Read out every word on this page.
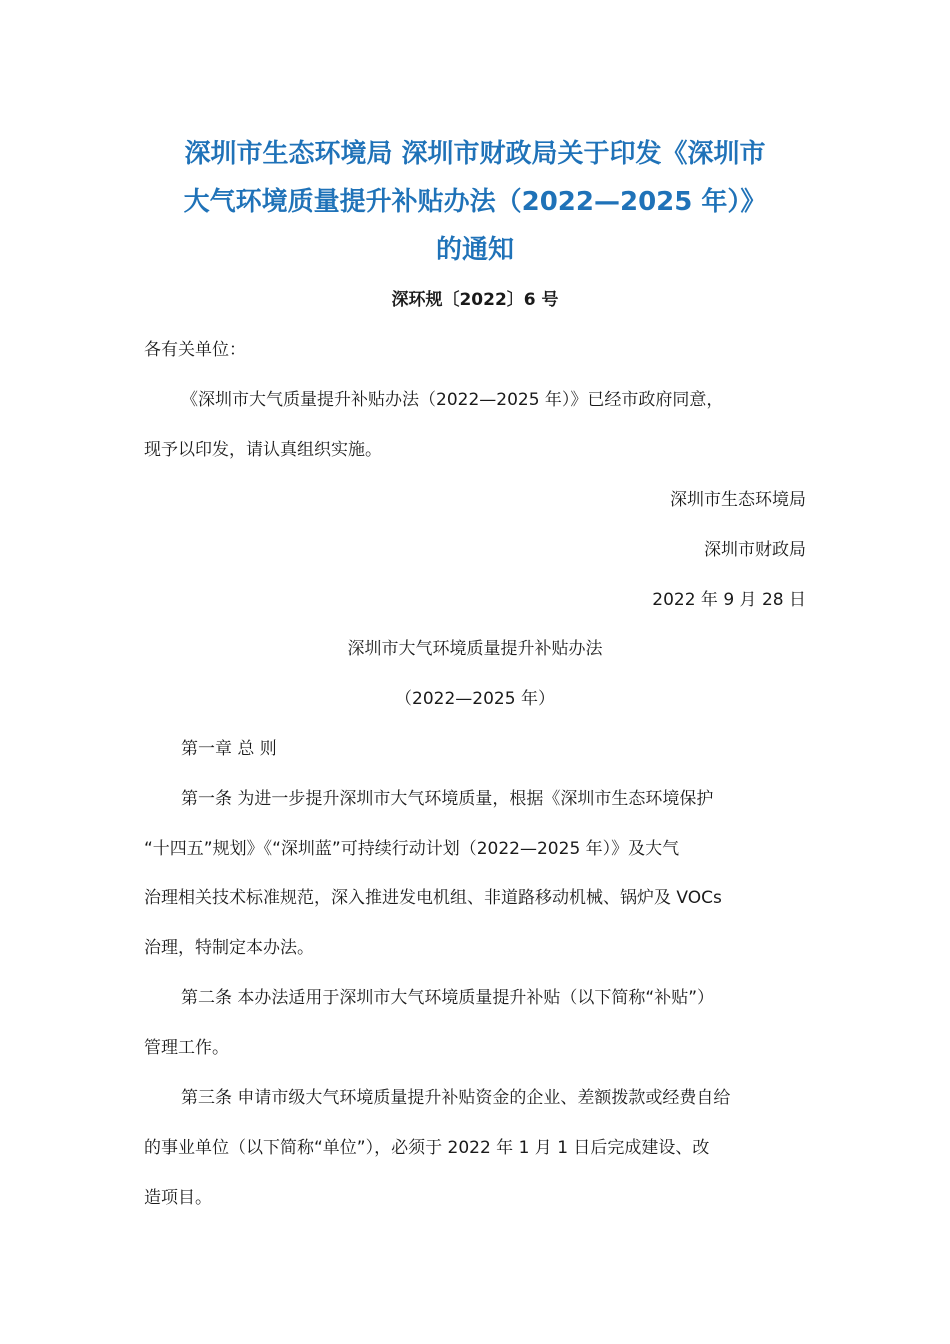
深圳市生态环境局 深圳市财政局关于印发《深圳市
大气环境质量提升补贴办法（2022—2025 年）》
的通知

深环规〔2022〕6 号

各有关单位：

《深圳市大气质量提升补贴办法（2022—2025 年）》已经市政府同意，

现予以印发，请认真组织实施。

深圳市生态环境局

深圳市财政局

2022 年 9 月 28 日

深圳市大气环境质量提升补贴办法

（2022—2025 年）

第一章 总 则

第一条 为进一步提升深圳市大气环境质量，根据《深圳市生态环境保护

“十四五”规划》《“深圳蓝”可持续行动计划（2022—2025 年）》及大气

治理相关技术标准规范，深入推进发电机组、非道路移动机械、锅炉及 VOCs

治理，特制定本办法。

第二条 本办法适用于深圳市大气环境质量提升补贴（以下简称“补贴”）

管理工作。

第三条 申请市级大气环境质量提升补贴资金的企业、差额拨款或经费自给

的事业单位（以下简称“单位”），必须于 2022 年 1 月 1 日后完成建设、改

造项目。
